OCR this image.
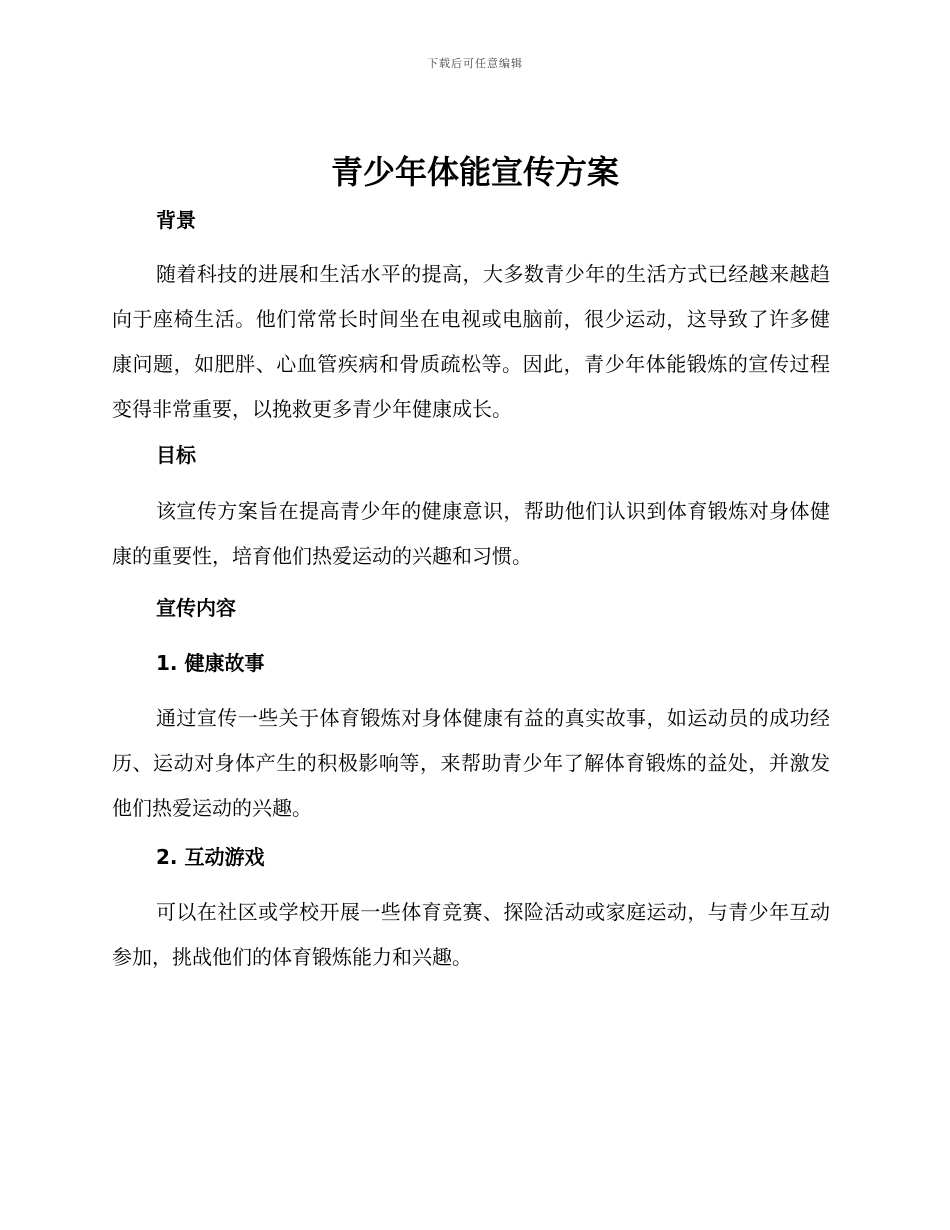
下载后可任意编辑
青少年体能宣传方案
背景

随着科技的进展和生活水平的提高，大多数青少年的生活方式已经越来越趋向于座椅生活。他们常常长时间坐在电视或电脑前，很少运动，这导致了许多健康问题，如肥胖、心血管疾病和骨质疏松等。因此，青少年体能锻炼的宣传过程变得非常重要，以挽救更多青少年健康成长。

目标

该宣传方案旨在提高青少年的健康意识，帮助他们认识到体育锻炼对身体健康的重要性，培育他们热爱运动的兴趣和习惯。

宣传内容
1. 健康故事

通过宣传一些关于体育锻炼对身体健康有益的真实故事，如运动员的成功经历、运动对身体产生的积极影响等，来帮助青少年了解体育锻炼的益处，并激发他们热爱运动的兴趣。

2. 互动游戏

可以在社区或学校开展一些体育竞赛、探险活动或家庭运动，与青少年互动参加，挑战他们的体育锻炼能力和兴趣。
